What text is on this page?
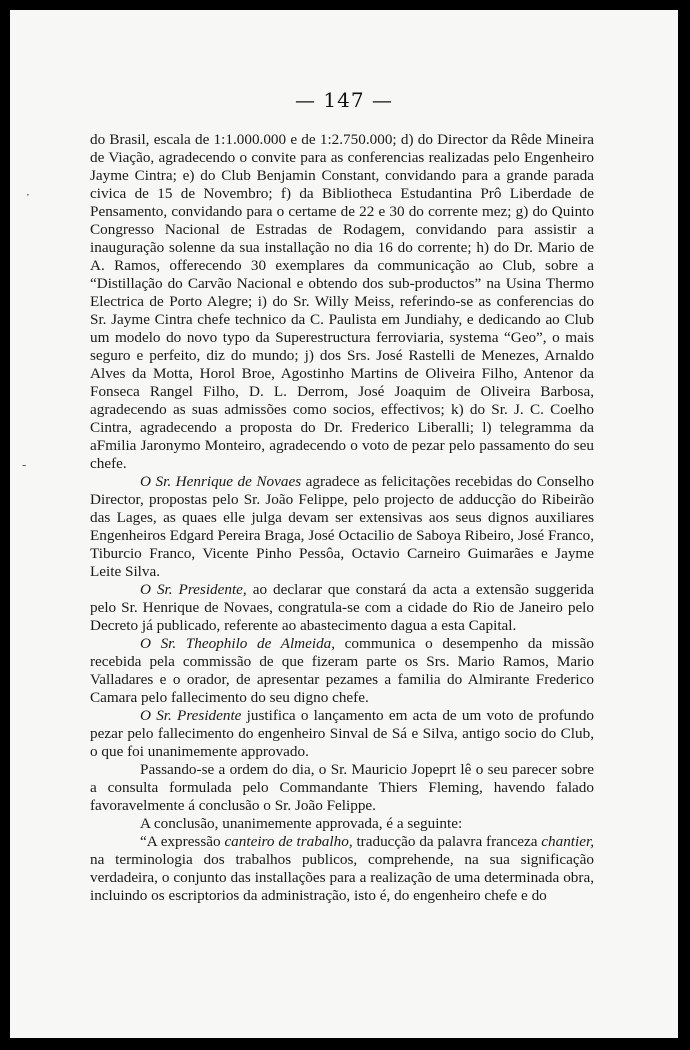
·
-
— 147 —

do Brasil, escala de 1:1.000.000 e de 1:2.750.000; d) do Director da Rêde Mineira de Viação, agradecendo o convite para as conferencias realizadas pelo Engenheiro Jayme Cintra; e) do Club Benjamin Constant, convidando para a grande parada civica de 15 de Novembro; f) da Bibliotheca Estudantina Prô Liberdade de Pensamento, convidando para o certame de 22 e 30 do corrente mez; g) do Quinto Congresso Nacional de Estradas de Rodagem, convidando para assistir a inauguração solenne da sua installação no dia 16 do corrente; h) do Dr. Mario de A. Ramos, offerecendo 30 exemplares da communicação ao Club, sobre a “Distillação do Carvão Nacional e obtendo dos sub-productos” na Usina Thermo Electrica de Porto Alegre; i) do Sr. Willy Meiss, referindo-se as conferencias do Sr. Jayme Cintra chefe technico da C. Paulista em Jundiahy, e dedicando ao Club um modelo do novo typo da Superestructura ferroviaria, systema “Geo”, o mais seguro e perfeito, diz do mundo; j) dos Srs. José Rastelli de Menezes, Arnaldo Alves da Motta, Horol Broe, Agostinho Martins de Oliveira Filho, Antenor da Fonseca Rangel Filho, D. L. Derrom, José Joaquim de Oliveira Barbosa, agradecendo as suas admissões como socios, effectivos; k) do Sr. J. C. Coelho Cintra, agradecendo a proposta do Dr. Frederico Liberalli; l) telegramma da aFmilia Jaronymo Monteiro, agradecendo o voto de pezar pelo passamento do seu chefe.

O Sr. Henrique de Novaes agradece as felicitações recebidas do Conselho Director, propostas pelo Sr. João Felippe, pelo projecto de adducção do Ribeirão das Lages, as quaes elle julga devam ser extensivas aos seus dignos auxiliares Engenheiros Edgard Pereira Braga, José Octacilio de Saboya Ribeiro, José Franco, Tiburcio Franco, Vicente Pinho Pessôa, Octavio Carneiro Guimarães e Jayme Leite Silva.

O Sr. Presidente, ao declarar que constará da acta a extensão suggerida pelo Sr. Henrique de Novaes, congratula-se com a cidade do Rio de Janeiro pelo Decreto já publicado, referente ao abastecimento dagua a esta Capital.

O Sr. Theophilo de Almeida, communica o desempenho da missão recebida pela commissão de que fizeram parte os Srs. Mario Ramos, Mario Valladares e o orador, de apresentar pezames a familia do Almirante Frederico Camara pelo fallecimento do seu digno chefe.

O Sr. Presidente justifica o lançamento em acta de um voto de profundo pezar pelo fallecimento do engenheiro Sinval de Sá e Silva, antigo socio do Club, o que foi unanimemente approvado.

Passando-se a ordem do dia, o Sr. Mauricio Jopeprt lê o seu parecer sobre a consulta formulada pelo Commandante Thiers Fleming, havendo falado favoravelmente á conclusão o Sr. João Felippe.

A conclusão, unanimemente approvada, é a seguinte:

“A expressão canteiro de trabalho, traducção da palavra franceza chantier, na terminologia dos trabalhos publicos, comprehende, na sua significação verdadeira, o conjunto das installações para a realização de uma determinada obra, incluindo os escriptorios da administração, isto é, do engenheiro chefe e do
